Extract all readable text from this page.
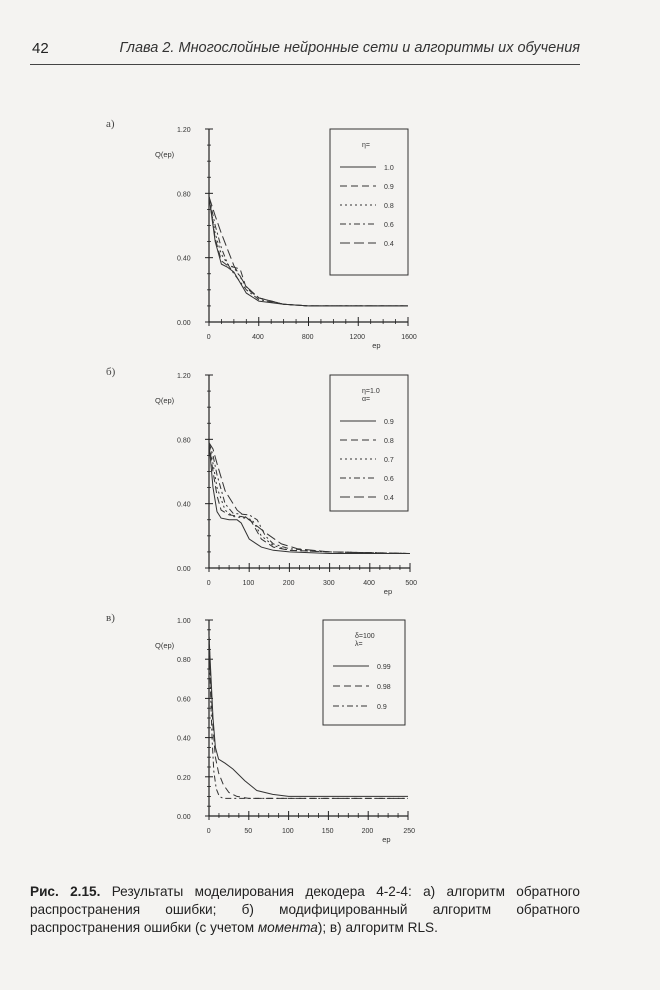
42	Глава 2. Многослойные нейронные сети и алгоритмы их обучения
а)
б)
в)
0.00
0.40
0.80
1.20
0	400	800	1200	1600
Q(ep)
ep
η=
1.0
0.9
0.8
0.6
0.4
0.00
0.40
0.80
1.20
0	100	200	300	400	500
Q(ep)
ep
η=1.0
α=
0.9
0.8
0.7
0.6
0.4
0.00
0.20
0.40
0.60
0.80
1.00
0	50	100	150	200	250
Q(ep)
ep
δ=100
λ=
0.99
0.98
0.9
Рис. 2.15. Результаты моделирования декодера 4-2-4: а) алгоритм обратного распространения ошибки; б) модифицированный алгоритм обратного распространения ошибки (с учетом момента); в) алгоритм RLS.
